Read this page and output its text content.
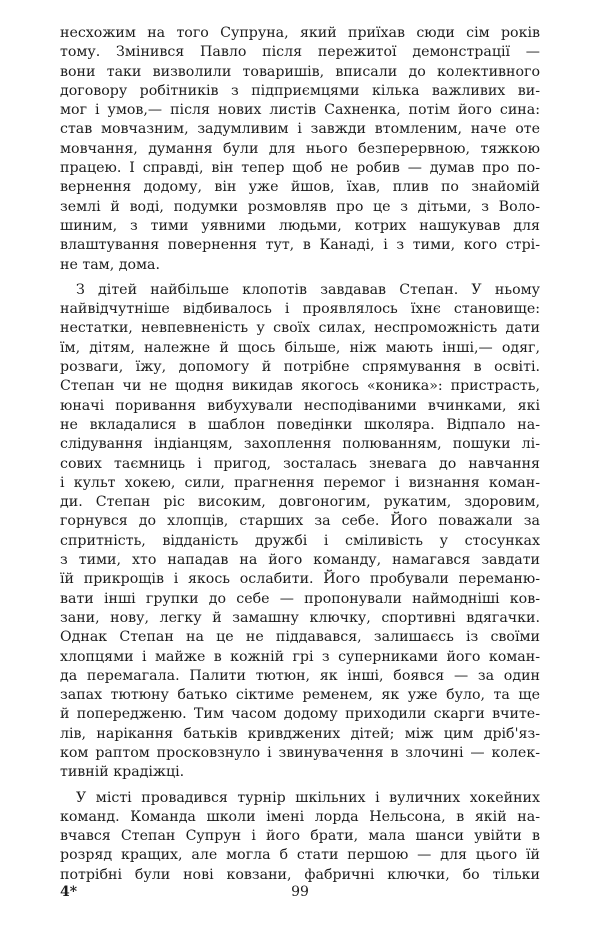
несхожим на того Супруна, який приїхав сюди сім років
тому. Змінився Павло після пережитої демонстрації —
вони таки визволили товаришів, вписали до колективного
договору робітників з підприємцями кілька важливих ви-
мог і умов,— після нових листів Сахненка, потім його сина:
став мовчазним, задумливим і завжди втомленим, наче оте
мовчання, думання були для нього безперервною, тяжкою
працею. І справді, він тепер щоб не робив — думав про по-
вернення додому, він уже йшов, їхав, плив по знайомій
землі й воді, подумки розмовляв про це з дітьми, з Воло-
шиним, з тими уявними людьми, котрих нашукував для
влаштування повернення тут, в Канаді, і з тими, кого стрі-
не там, дома.
З дітей найбільше клопотів завдавав Степан. У ньому
найвідчутніше відбивалось і проявлялось їхнє становище:
нестатки, невпевненість у своїх силах, неспроможність дати
їм, дітям, належне й щось більше, ніж мають інші,— одяг,
розваги, їжу, допомогу й потрібне спрямування в освіті.
Степан чи не щодня викидав якогось «коника»: пристрасть,
юначі поривання вибухували несподіваними вчинками, які
не вкладалися в шаблон поведінки школяра. Відпало на-
слідування індіанцям, захоплення полюванням, пошуки лі-
сових таємниць і пригод, зосталась зневага до навчання
і культ хокею, сили, прагнення перемог і визнання коман-
ди. Степан ріс високим, довгоногим, рукатим, здоровим,
горнувся до хлопців, старших за себе. Його поважали за
спритність, відданість дружбі і сміливість у стосунках
з тими, хто нападав на його команду, намагався завдати
їй прикрощів і якось ослабити. Його пробували переманю-
вати інші групки до себе — пропонували наймодніші ков-
зани, нову, легку й замашну ключку, спортивні вдягачки.
Однак Степан на це не піддавався, залишаєсь із своїми
хлопцями і майже в кожній грі з суперниками його коман-
да перемагала. Палити тютюн, як інші, боявся — за один
запах тютюну батько сіктиме ременем, як уже було, та ще
й попередженю. Тим часом додому приходили скарги вчите-
лів, нарікання батьків кривджених дітей; між цим дріб'яз-
ком раптом просковзнуло і звинувачення в злочині — колек-
тивній крадіжці.
У місті провадився турнір шкільних і вуличних хокейних
команд. Команда школи імені лорда Нельсона, в якій на-
вчався Степан Супрун і його брати, мала шанси увійти в
розряд кращих, але могла б стати першою — для цього їй
потрібні були нові ковзани, фабричні ключки, бо тільки
4*	99
